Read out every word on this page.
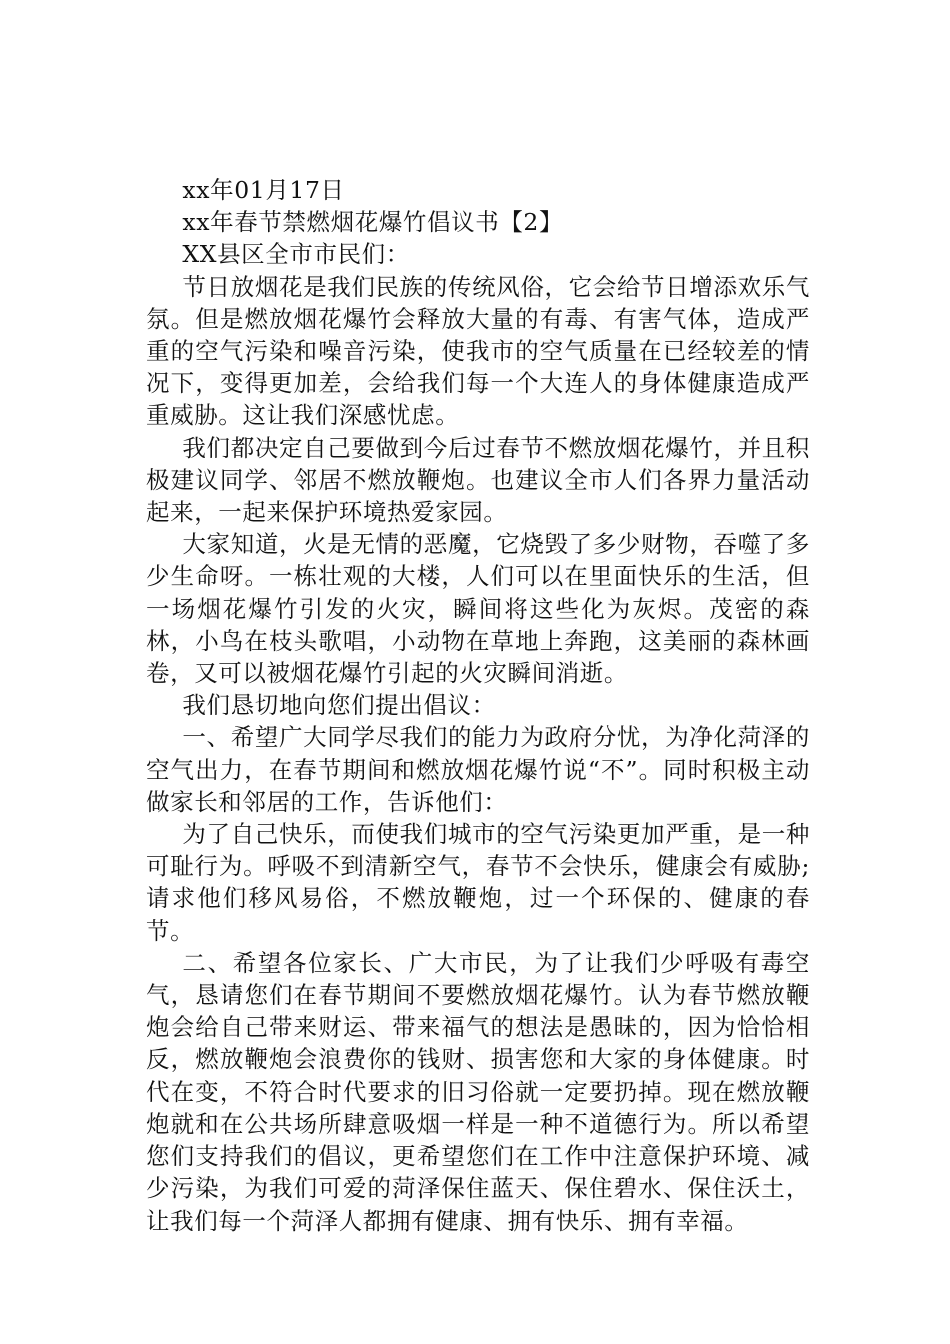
xx年01月17日

xx年春节禁燃烟花爆竹倡议书【2】

XX县区全市市民们：

节日放烟花是我们民族的传统风俗，它会给节日增添欢乐气氛。但是燃放烟花爆竹会释放大量的有毒、有害气体，造成严重的空气污染和噪音污染，使我市的空气质量在已经较差的情况下，变得更加差，会给我们每一个大连人的身体健康造成严重威胁。这让我们深感忧虑。

我们都决定自己要做到今后过春节不燃放烟花爆竹，并且积极建议同学、邻居不燃放鞭炮。也建议全市人们各界力量活动起来，一起来保护环境热爱家园。

大家知道，火是无情的恶魔，它烧毁了多少财物，吞噬了多少生命呀。一栋壮观的大楼，人们可以在里面快乐的生活，但一场烟花爆竹引发的火灾，瞬间将这些化为灰烬。茂密的森林，小鸟在枝头歌唱，小动物在草地上奔跑，这美丽的森林画卷，又可以被烟花爆竹引起的火灾瞬间消逝。

我们恳切地向您们提出倡议：

一、希望广大同学尽我们的能力为政府分忧，为净化菏泽的空气出力，在春节期间和燃放烟花爆竹说“不”。同时积极主动做家长和邻居的工作，告诉他们：

为了自己快乐，而使我们城市的空气污染更加严重，是一种可耻行为。呼吸不到清新空气，春节不会快乐，健康会有威胁;请求他们移风易俗，不燃放鞭炮，过一个环保的、健康的春节。

二、希望各位家长、广大市民，为了让我们少呼吸有毒空气，恳请您们在春节期间不要燃放烟花爆竹。认为春节燃放鞭炮会给自己带来财运、带来福气的想法是愚昧的，因为恰恰相反，燃放鞭炮会浪费你的钱财、损害您和大家的身体健康。时代在变，不符合时代要求的旧习俗就一定要扔掉。现在燃放鞭炮就和在公共场所肆意吸烟一样是一种不道德行为。所以希望您们支持我们的倡议，更希望您们在工作中注意保护环境、减少污染，为我们可爱的菏泽保住蓝天、保住碧水、保住沃土，让我们每一个菏泽人都拥有健康、拥有快乐、拥有幸福。
